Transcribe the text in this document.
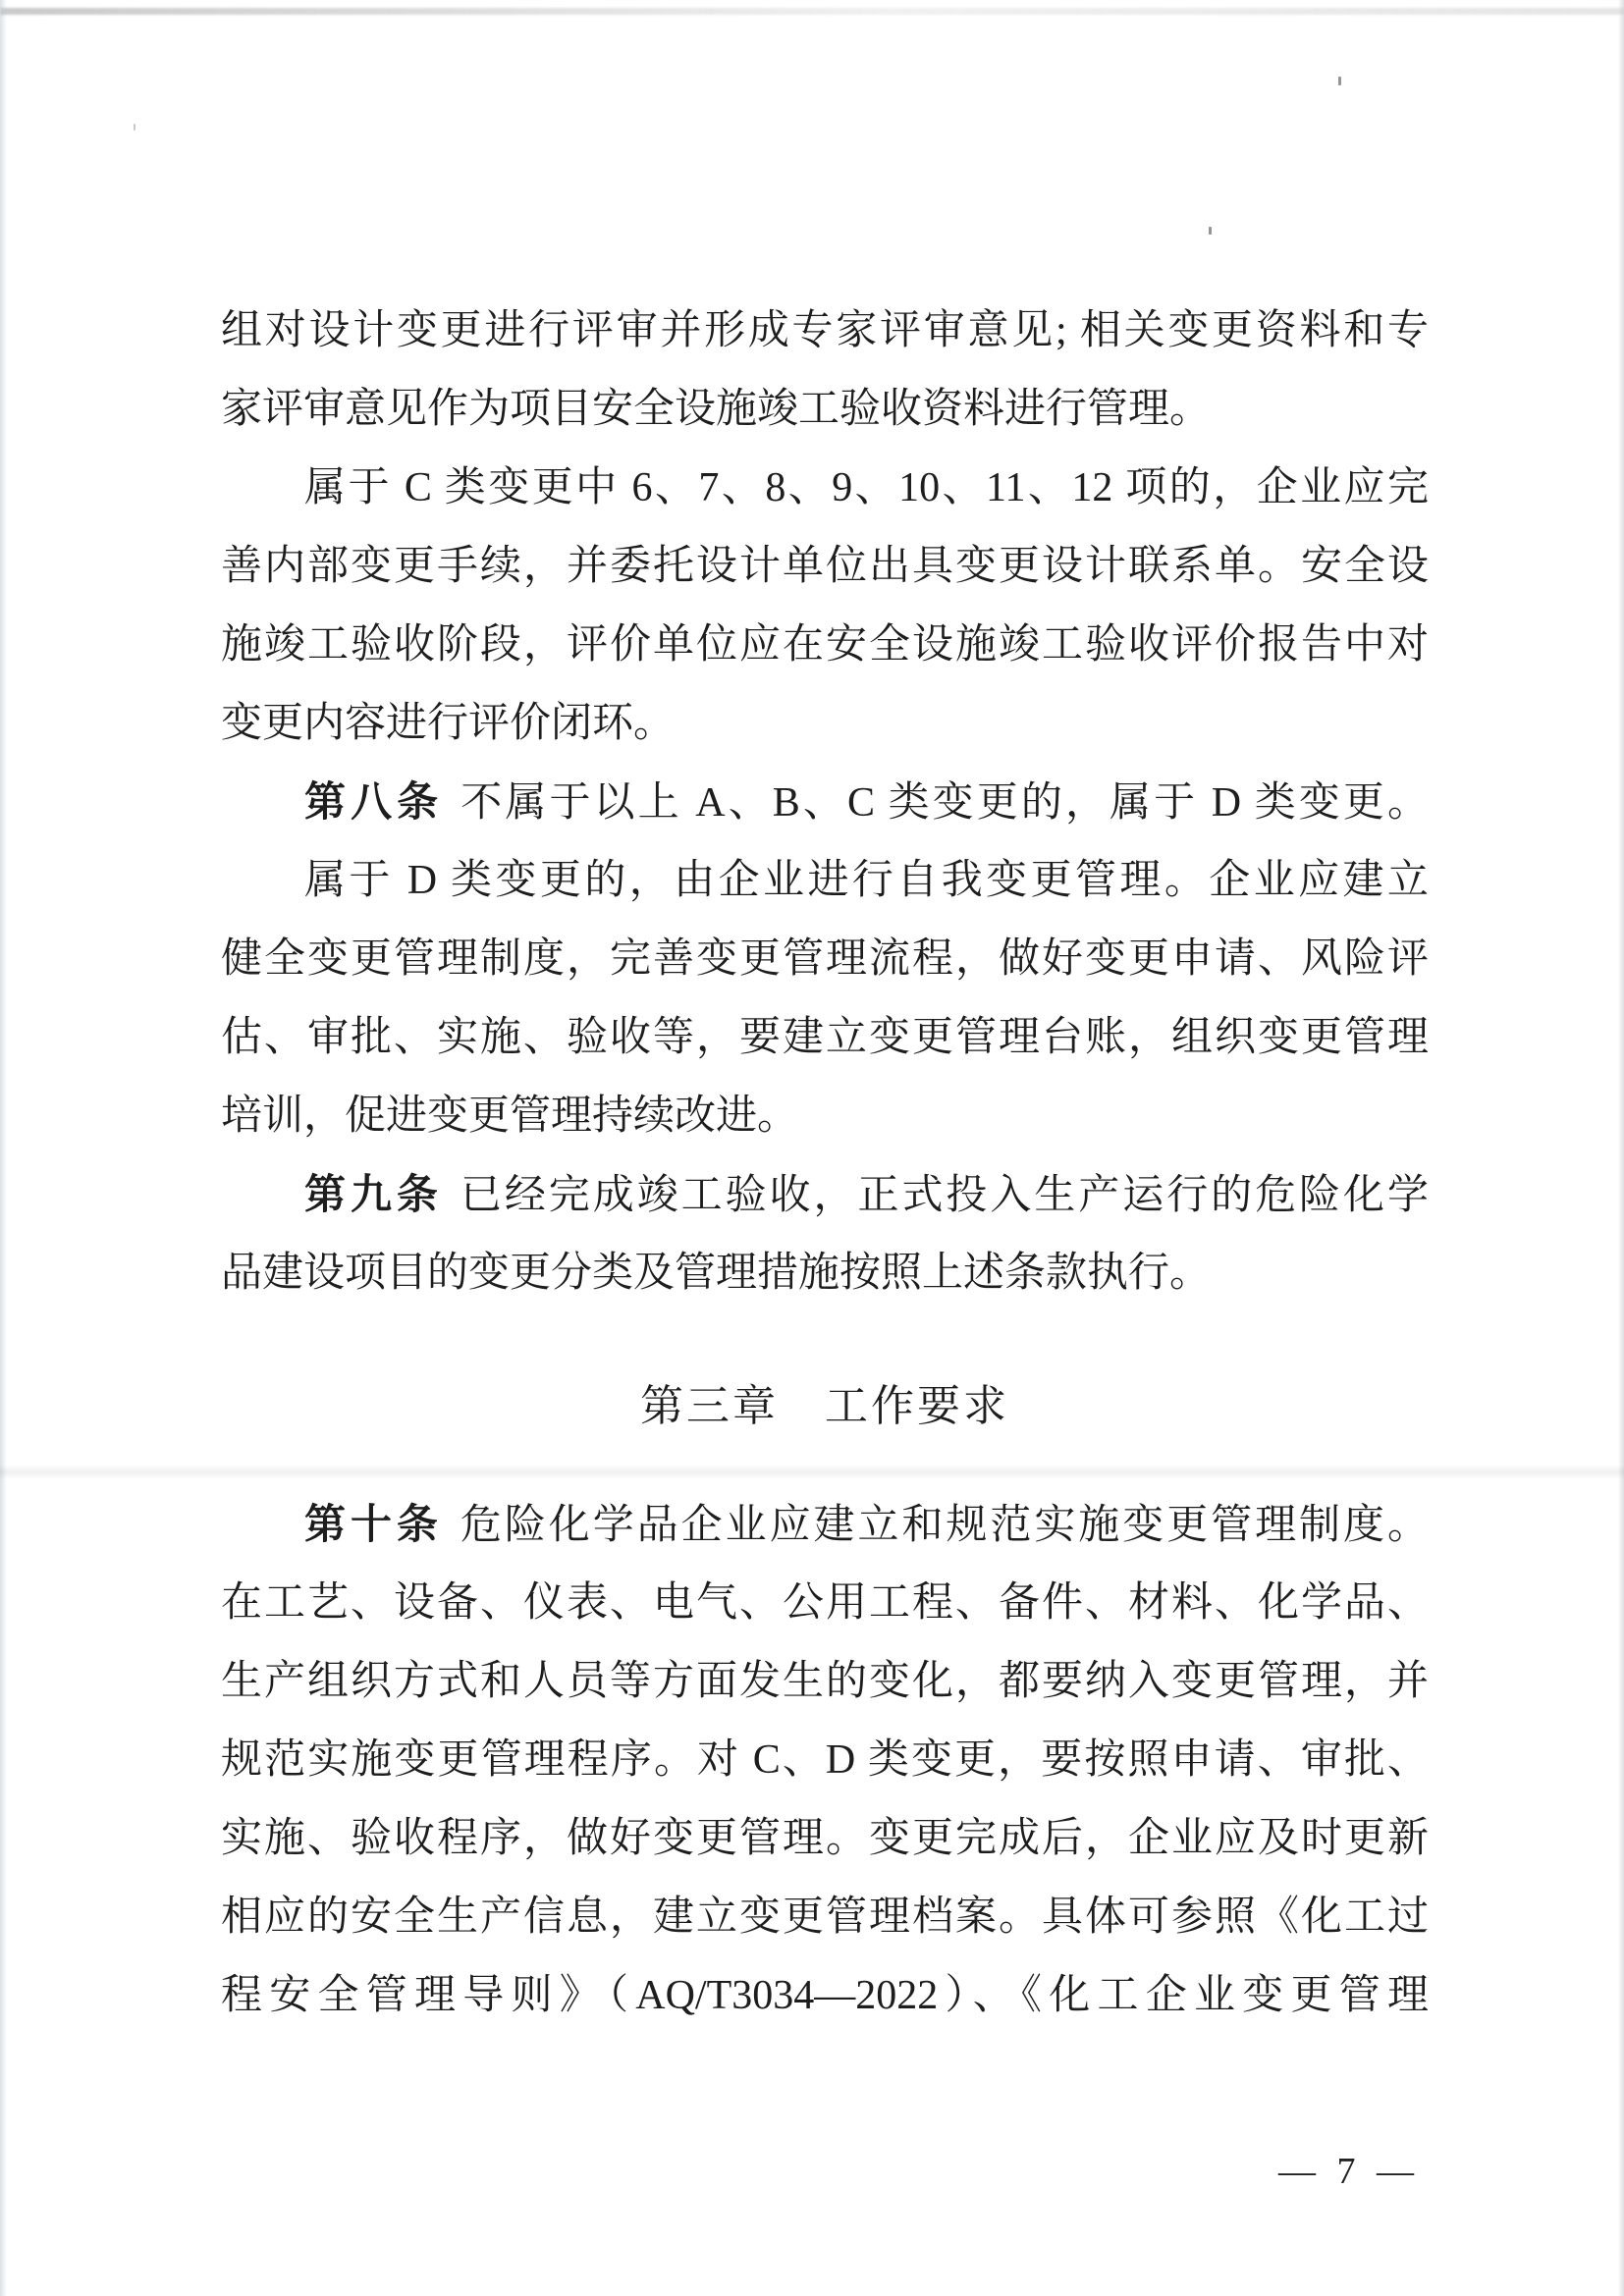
组对设计变更进行评审并形成专家评审意见; 相关变更资料和专
家评审意见作为项目安全设施竣工验收资料进行管理。
属于 C 类变更中 6、7、8、9、10、11、12 项的，企业应完
善内部变更手续，并委托设计单位出具变更设计联系单。安全设
施竣工验收阶段，评价单位应在安全设施竣工验收评价报告中对
变更内容进行评价闭环。
第八条 不属于以上 A、B、C 类变更的，属于 D 类变更。
属于 D 类变更的，由企业进行自我变更管理。企业应建立
健全变更管理制度，完善变更管理流程，做好变更申请、风险评
估、审批、实施、验收等，要建立变更管理台账，组织变更管理
培训，促进变更管理持续改进。
第九条 已经完成竣工验收，正式投入生产运行的危险化学
品建设项目的变更分类及管理措施按照上述条款执行。
第三章　工作要求
第十条 危险化学品企业应建立和规范实施变更管理制度。
在工艺、设备、仪表、电气、公用工程、备件、材料、化学品、
生产组织方式和人员等方面发生的变化，都要纳入变更管理，并
规范实施变更管理程序。对 C、D 类变更，要按照申请、审批、
实施、验收程序，做好变更管理。变更完成后，企业应及时更新
相应的安全生产信息，建立变更管理档案。具体可参照《化工过
程安全管理导则》（AQ/T3034—2022）、《化工企业变更管理
— 7 —
